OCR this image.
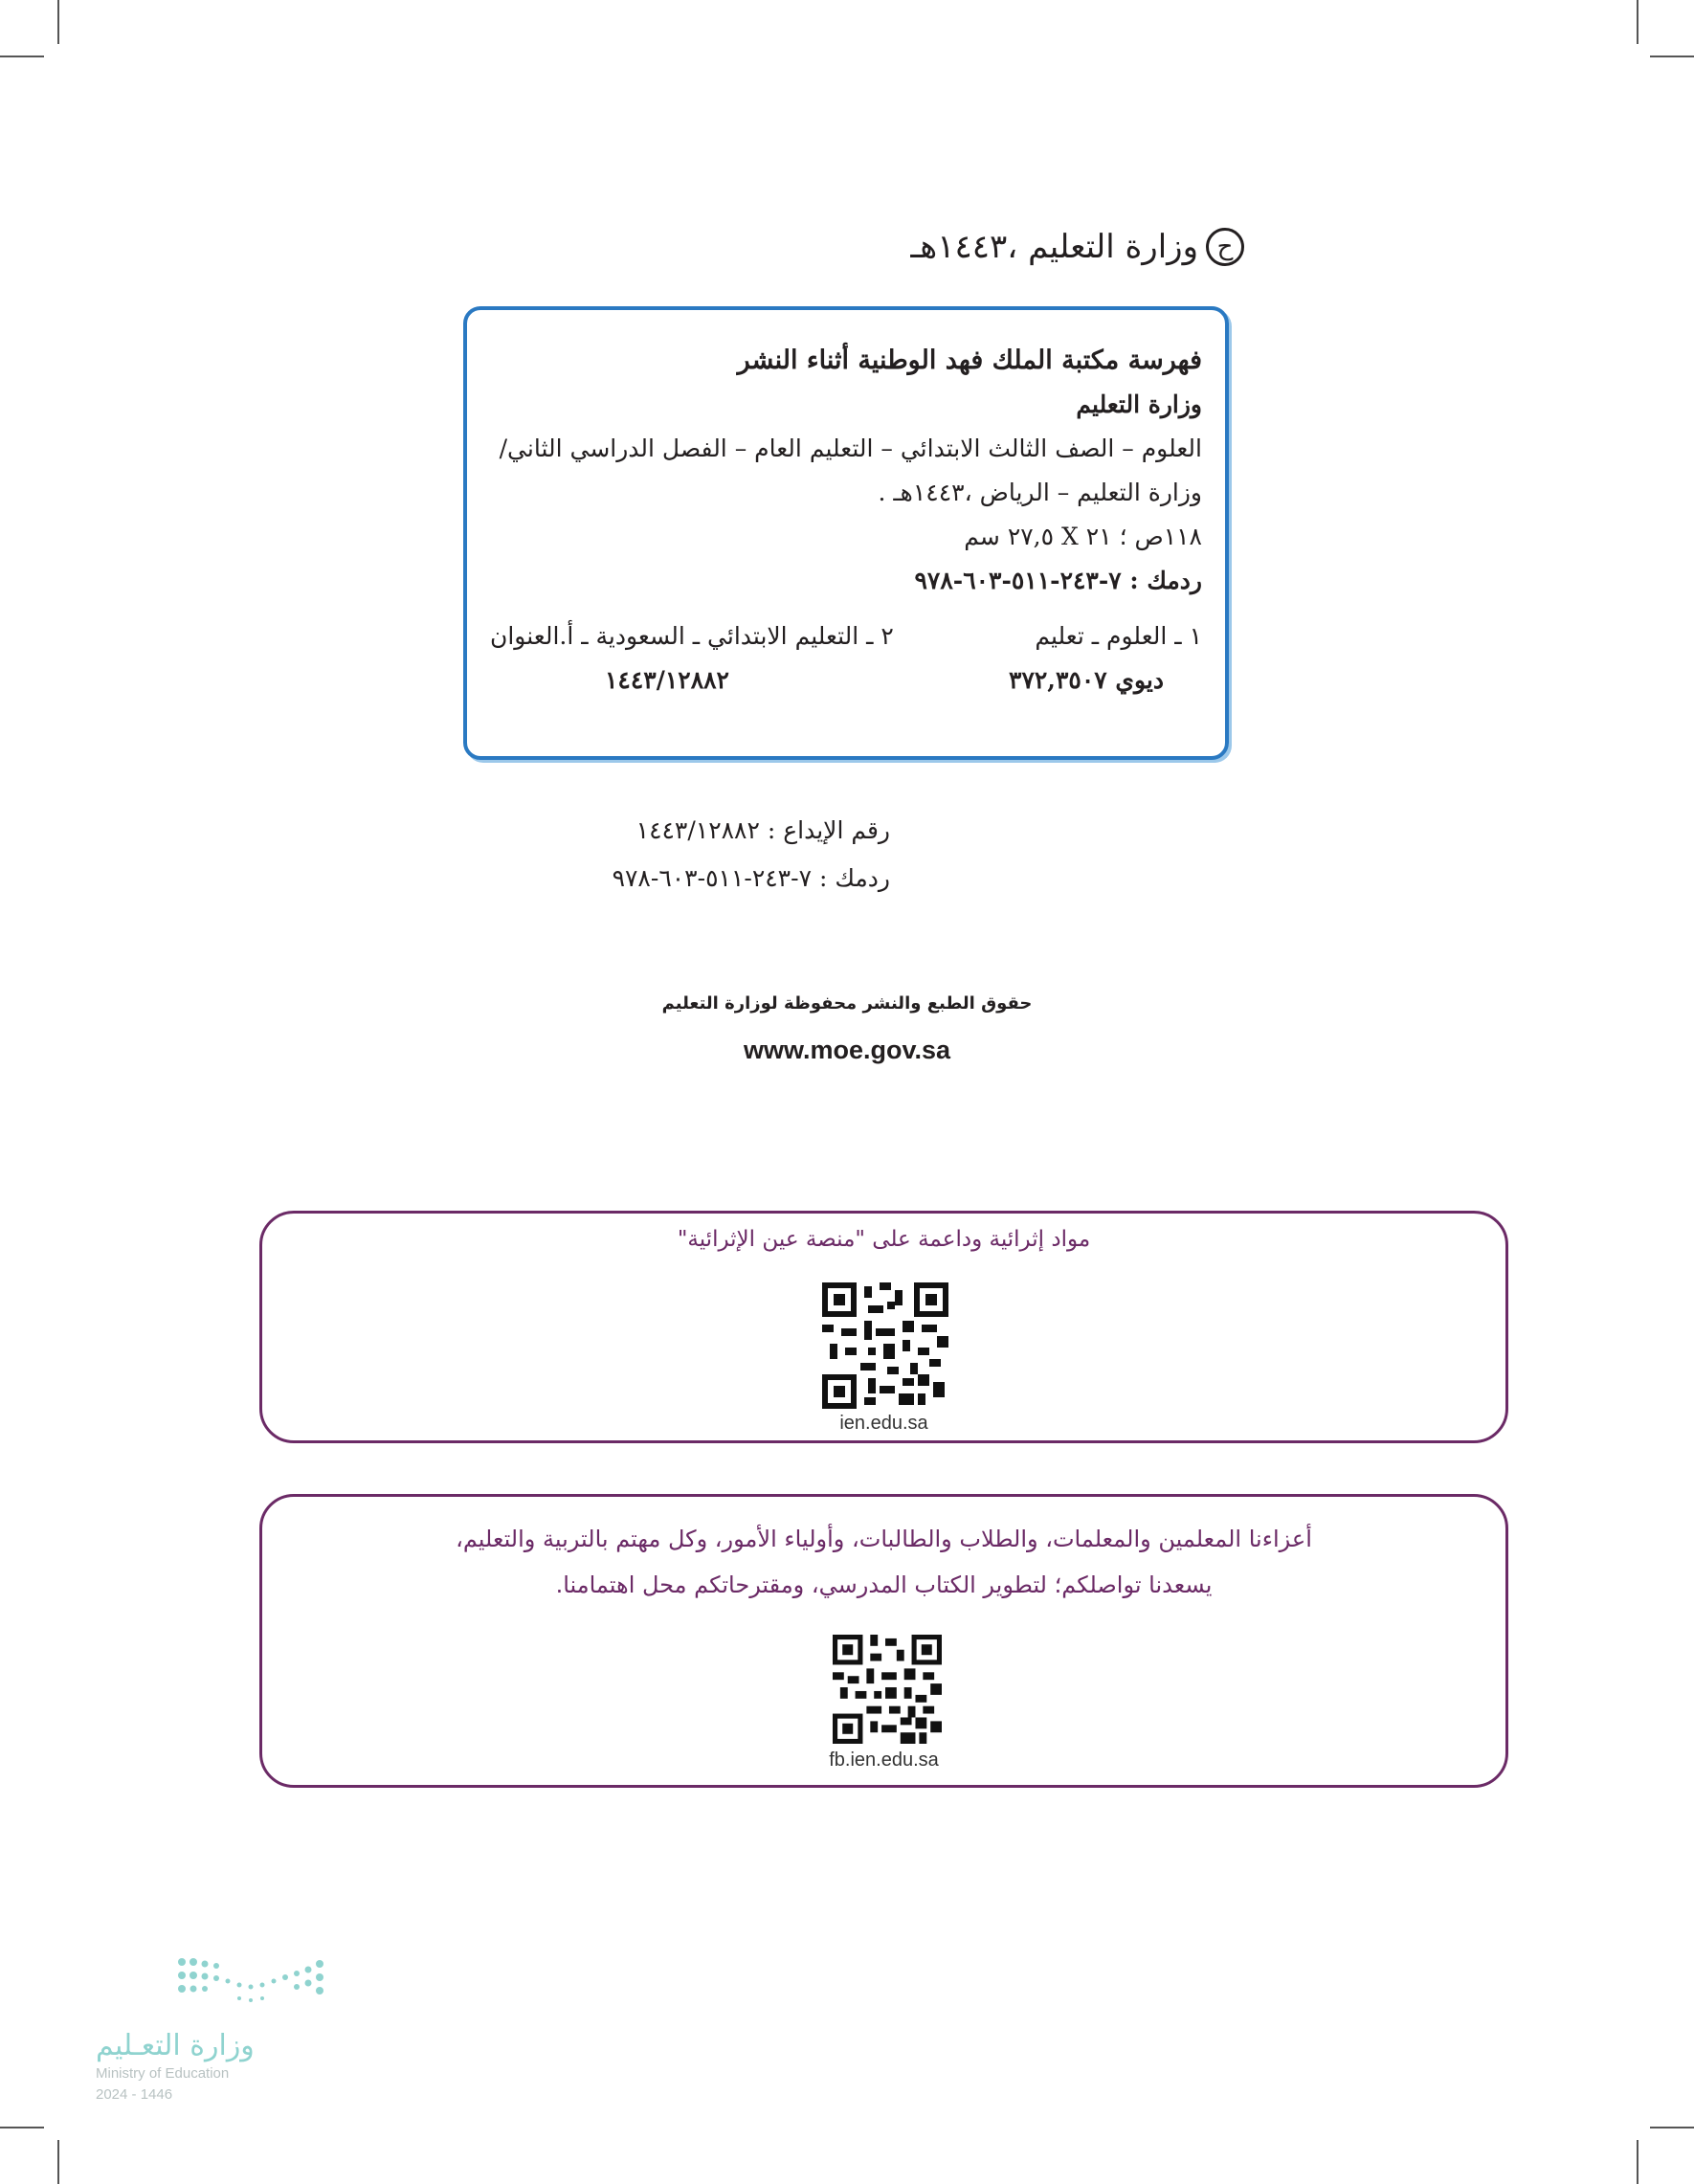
ح
وزارة التعليم ،١٤٤٣هـ
فهرسة مكتبة الملك فهد الوطنية أثناء النشر
وزارة التعليم
العلوم – الصف الثالث الابتدائي – التعليم العام – الفصل الدراسي الثاني/
وزارة التعليم – الرياض ،١٤٤٣هـ .
١١٨ص ؛ ٢١ X ٢٧,٥ سم
ردمك : ٧-٢٤٣-٥١١-٦٠٣-٩٧٨
١ ـ العلوم ـ تعليم
٢ ـ التعليم الابتدائي ـ السعودية ـ أ.العنوان
ديوي ٣٧٢,٣٥٠٧
١٤٤٣/١٢٨٨٢
رقم الإيداع : ١٤٤٣/١٢٨٨٢
ردمك : ٧-٢٤٣-٥١١-٦٠٣-٩٧٨
حقوق الطبع والنشر محفوظة لوزارة التعليم
www.moe.gov.sa
مواد إثرائية وداعمة على "منصة عين الإثرائية"
ien.edu.sa
أعزاءنا المعلمين والمعلمات، والطلاب والطالبات، وأولياء الأمور، وكل مهتم بالتربية والتعليم،
يسعدنا تواصلكم؛ لتطوير الكتاب المدرسي، ومقترحاتكم محل اهتمامنا.
fb.ien.edu.sa
وزارة التعـليم
Ministry of Education
2024 - 1446
